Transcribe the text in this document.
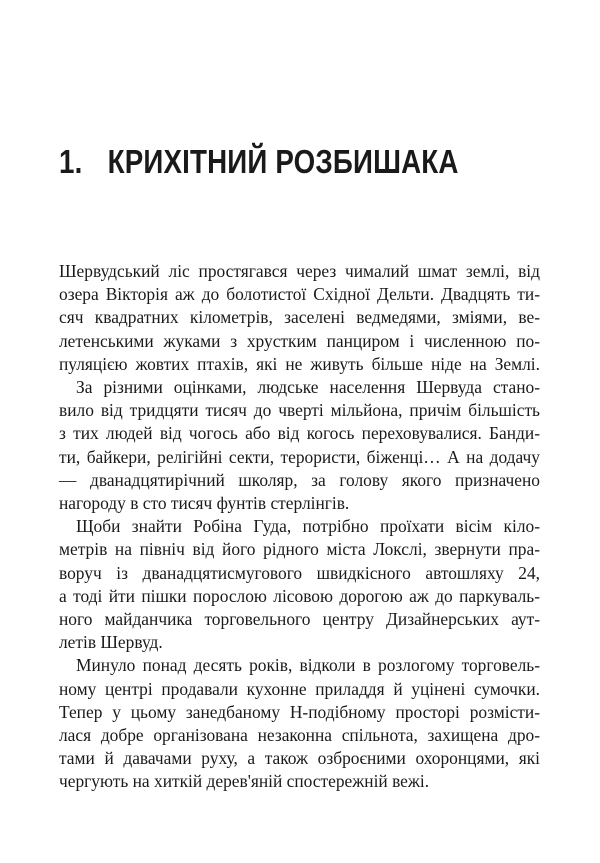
1. КРИХІТНИЙ РОЗБИШАКА

Шервудський ліс простягався через чималий шмат землі, від
озера Вікторія аж до болотистої Східної Дельти. Двадцять ти-
сяч квадратних кілометрів, заселені ведмедями, зміями, ве-
летенськими жуками з хрустким панциром і численною по-
пуляцією жовтих птахів, які не живуть більше ніде на Землі.

За різними оцінками, людське населення Шервуда стано-
вило від тридцяти тисяч до чверті мільйона, причім більшість
з тих людей від чогось або від когось переховувалися. Банди-
ти, байкери, релігійні секти, терористи, біженці… А на додачу
— дванадцятирічний школяр, за голову якого призначено
нагороду в сто тисяч фунтів стерлінгів.

Щоби знайти Робіна Гуда, потрібно проїхати вісім кіло-
метрів на північ від його рідного міста Локслі, звернути пра-
воруч із дванадцятисмугового швидкісного автошляху 24,
а тоді йти пішки порослою лісовою дорогою аж до паркуваль-
ного майданчика торговельного центру Дизайнерських аут-
летів Шервуд.

Минуло понад десять років, відколи в розлогому торговель-
ному центрі продавали кухонне приладдя й уцінені сумочки.
Тепер у цьому занедбаному Н-подібному просторі розмісти-
лася добре організована незаконна спільнота, захищена дро-
тами й давачами руху, а також озброєними охоронцями, які
чергують на хиткій дерев'яній спостережній вежі.
